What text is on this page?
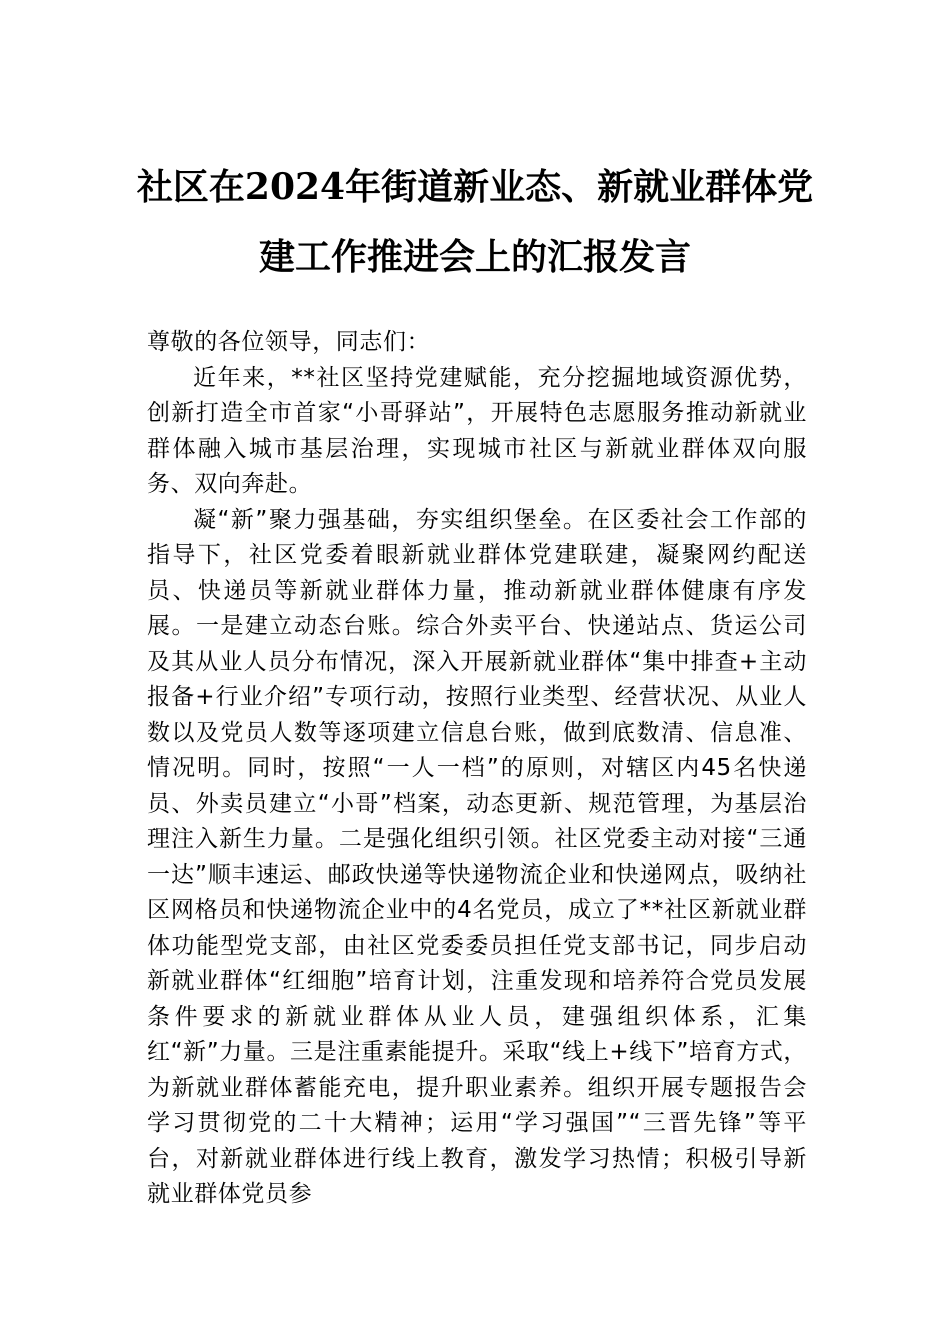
社区在2024年街道新业态、新就业群体党
建工作推进会上的汇报发言

尊敬的各位领导，同志们：

近年来，**社区坚持党建赋能，充分挖掘地域资源优势，创新打造全市首家“小哥驿站”，开展特色志愿服务推动新就业群体融入城市基层治理，实现城市社区与新就业群体双向服务、双向奔赴。

凝“新”聚力强基础，夯实组织堡垒。在区委社会工作部的指导下，社区党委着眼新就业群体党建联建，凝聚网约配送员、快递员等新就业群体力量，推动新就业群体健康有序发展。一是建立动态台账。综合外卖平台、快递站点、货运公司及其从业人员分布情况，深入开展新就业群体“集中排查+主动报备+行业介绍”专项行动，按照行业类型、经营状况、从业人数以及党员人数等逐项建立信息台账，做到底数清、信息准、情况明。同时，按照“一人一档”的原则，对辖区内45名快递员、外卖员建立“小哥”档案，动态更新、规范管理，为基层治理注入新生力量。二是强化组织引领。社区党委主动对接“三通一达”顺丰速运、邮政快递等快递物流企业和快递网点，吸纳社区网格员和快递物流企业中的4名党员，成立了**社区新就业群体功能型党支部，由社区党委委员担任党支部书记，同步启动新就业群体“红细胞”培育计划，注重发现和培养符合党员发展条件要求的新就业群体从业人员，建强组织体系，汇集红“新”力量。三是注重素能提升。采取“线上+线下”培育方式，为新就业群体蓄能充电，提升职业素养。组织开展专题报告会学习贯彻党的二十大精神；运用“学习强国”“三晋先锋”等平台，对新就业群体进行线上教育，激发学习热情；积极引导新就业群体党员参
